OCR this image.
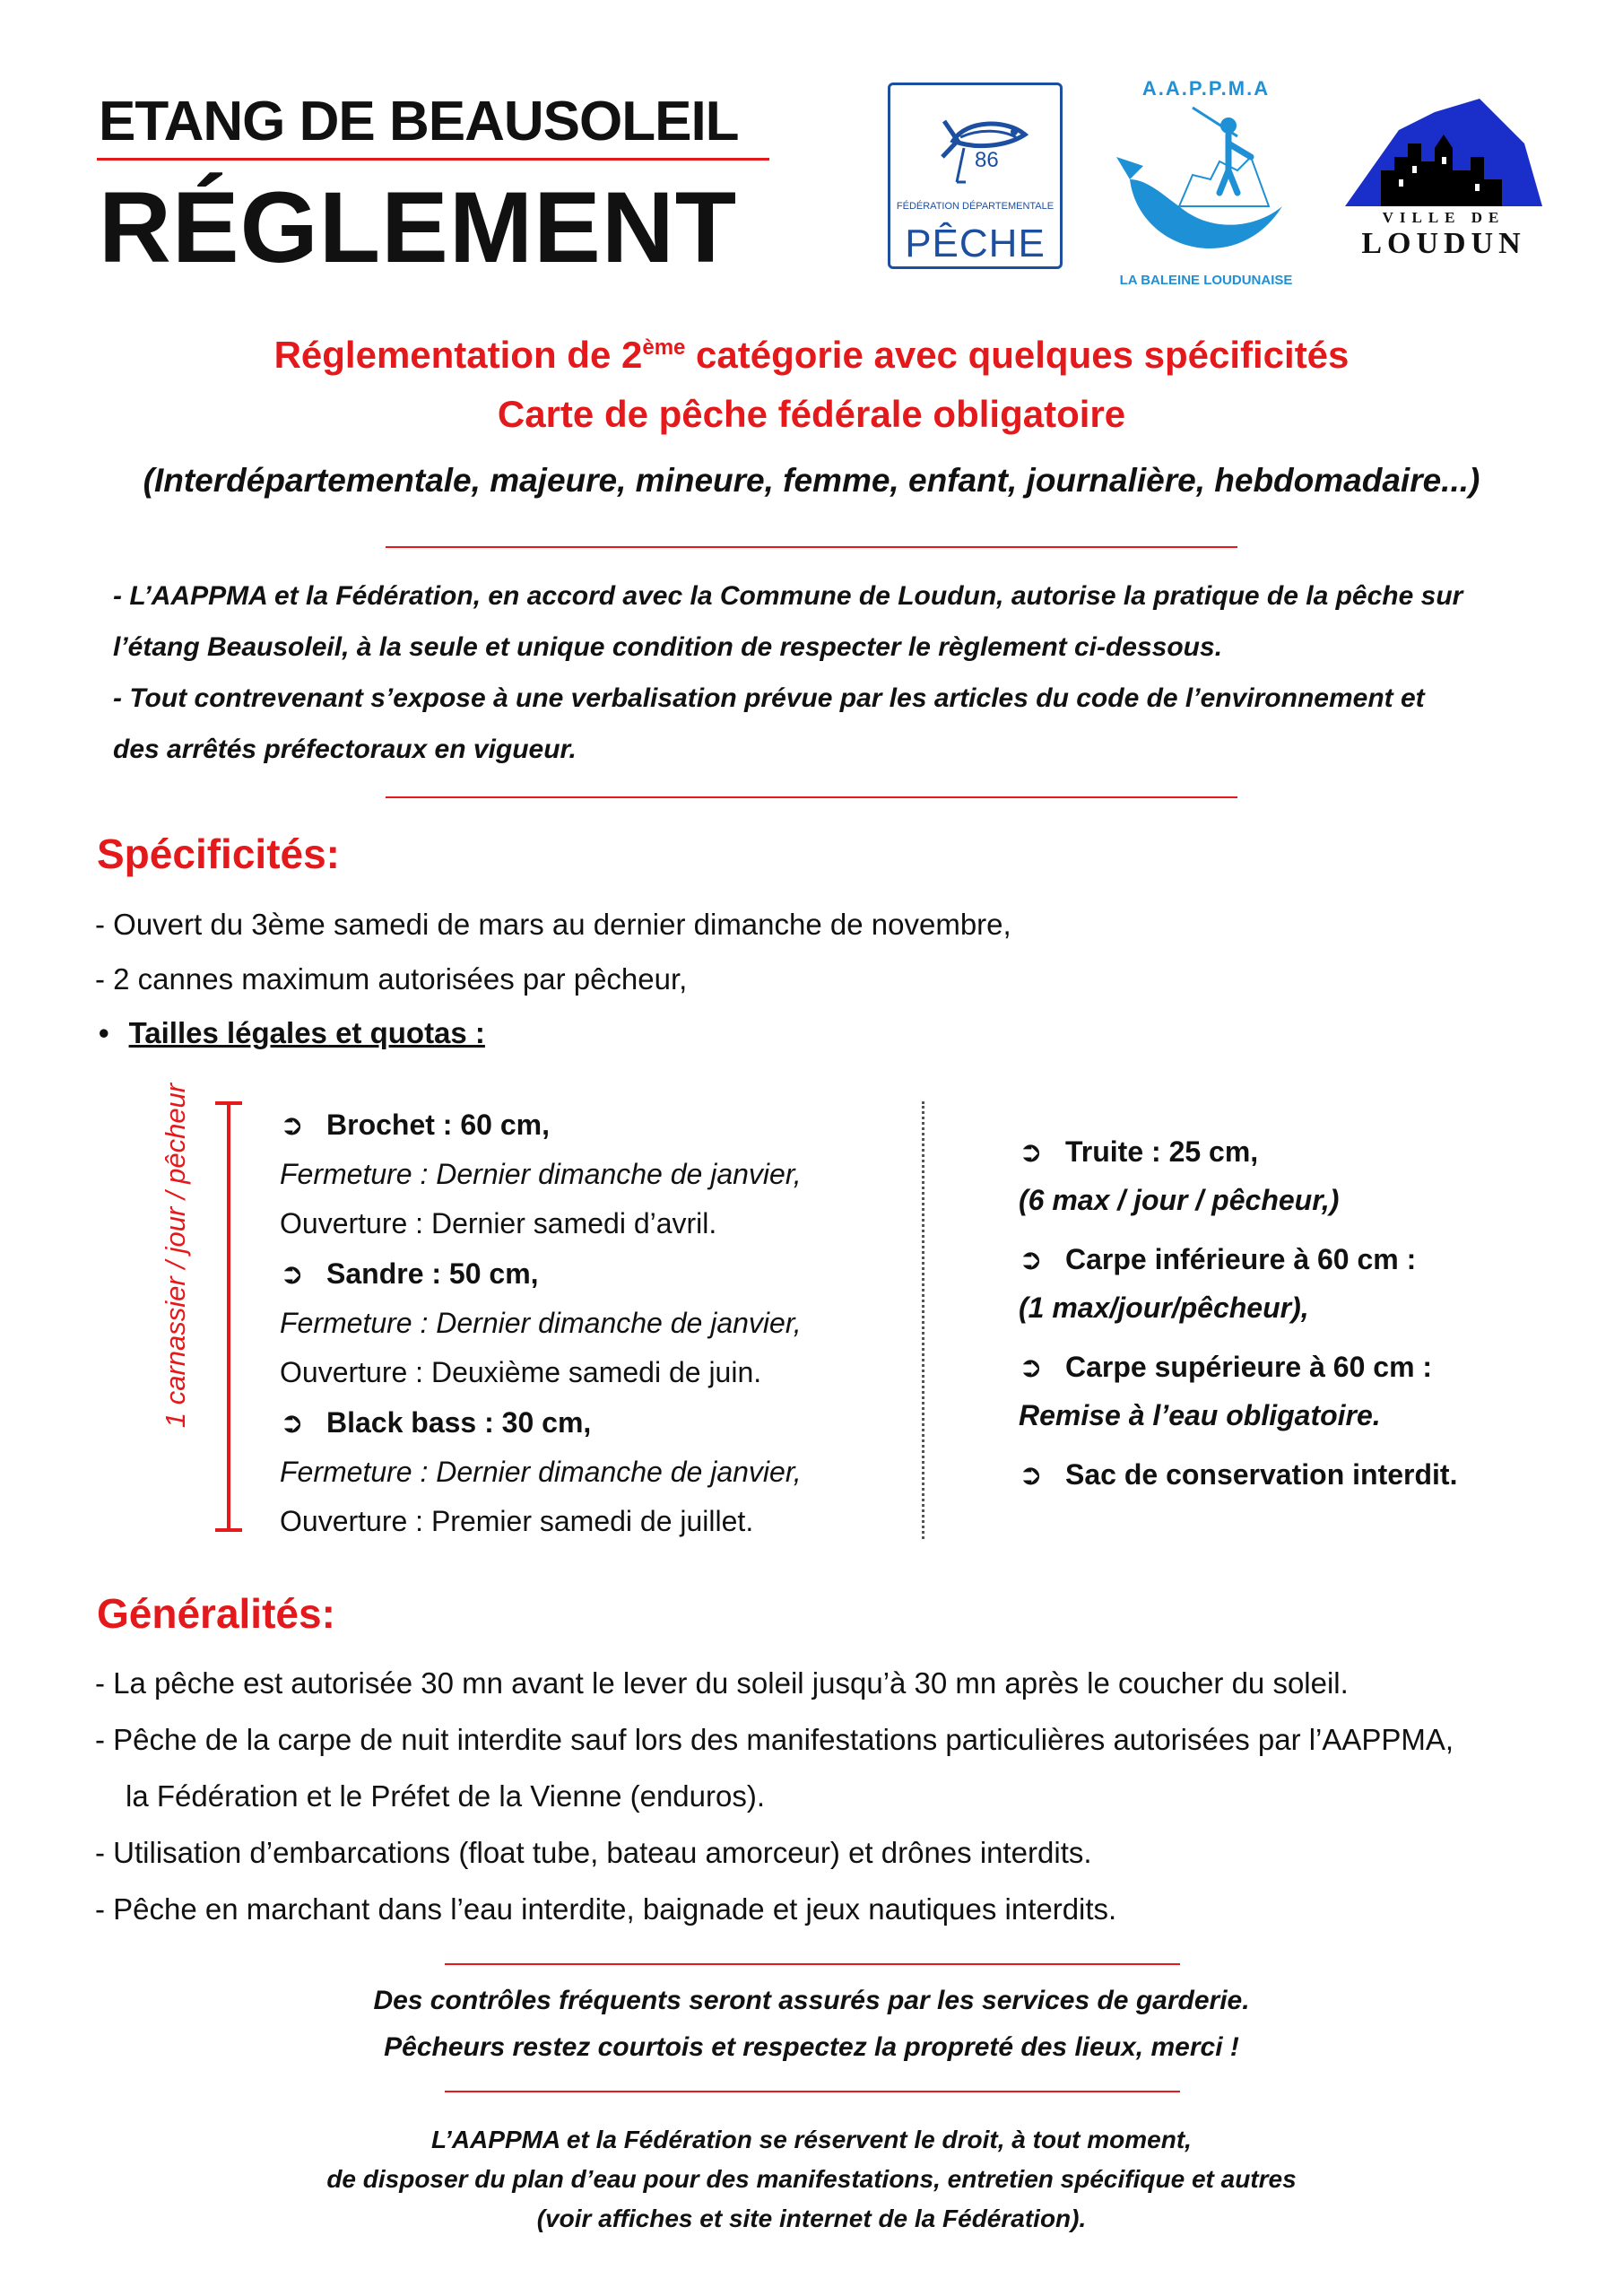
ETANG DE BEAUSOLEIL
RÉGLEMENT
86
FÉDÉRATION DÉPARTEMENTALE
PÊCHE
A.A.P.P.M.A
LA BALEINE LOUDUNAISE
VILLE DE
LOUDUN
Réglementation de 2ème catégorie avec quelques spécificités
Carte de pêche fédérale obligatoire
(Interdépartementale, majeure, mineure, femme, enfant, journalière, hebdomadaire...)
- L’AAPPMA et la Fédération, en accord avec la Commune de Loudun, autorise la pratique de la pêche sur
l’étang Beausoleil, à la seule et unique condition de respecter le règlement ci-dessous.
- Tout contrevenant s’expose à une verbalisation prévue par les articles du code de l’environnement et
des arrêtés préfectoraux en vigueur.
Spécificités:
- Ouvert du 3ème samedi de mars au dernier dimanche de novembre,
- 2 cannes maximum autorisées par pêcheur,
• Tailles légales et quotas :
1 carnassier / jour / pêcheur	➲ Brochet : 60 cm,
Fermeture : Dernier dimanche de janvier,
Ouverture : Dernier samedi d’avril.
➲ Sandre : 50 cm,
Fermeture : Dernier dimanche de janvier,
Ouverture : Deuxième samedi de juin.
➲ Black bass : 30 cm,
Fermeture : Dernier dimanche de janvier,
Ouverture : Premier samedi de juillet.
➲ Truite : 25 cm,
(6 max / jour / pêcheur,)
➲ Carpe inférieure à 60 cm :
(1 max/jour/pêcheur),
➲ Carpe supérieure à 60 cm :
Remise à l’eau obligatoire.
➲ Sac de conservation interdit.
Généralités:
- La pêche est autorisée 30 mn avant le lever du soleil jusqu’à 30 mn après le coucher du soleil.
- Pêche de la carpe de nuit interdite sauf lors des manifestations particulières autorisées par l’AAPPMA,
la Fédération et le Préfet de la Vienne (enduros).
- Utilisation d’embarcations (float tube, bateau amorceur) et drônes interdits.
- Pêche en marchant dans l’eau interdite, baignade et jeux nautiques interdits.
Des contrôles fréquents seront assurés par les services de garderie.
Pêcheurs restez courtois et respectez la propreté des lieux, merci !
L’AAPPMA et la Fédération se réservent le droit, à tout moment,
de disposer du plan d’eau pour des manifestations, entretien spécifique et autres
(voir affiches et site internet de la Fédération).
